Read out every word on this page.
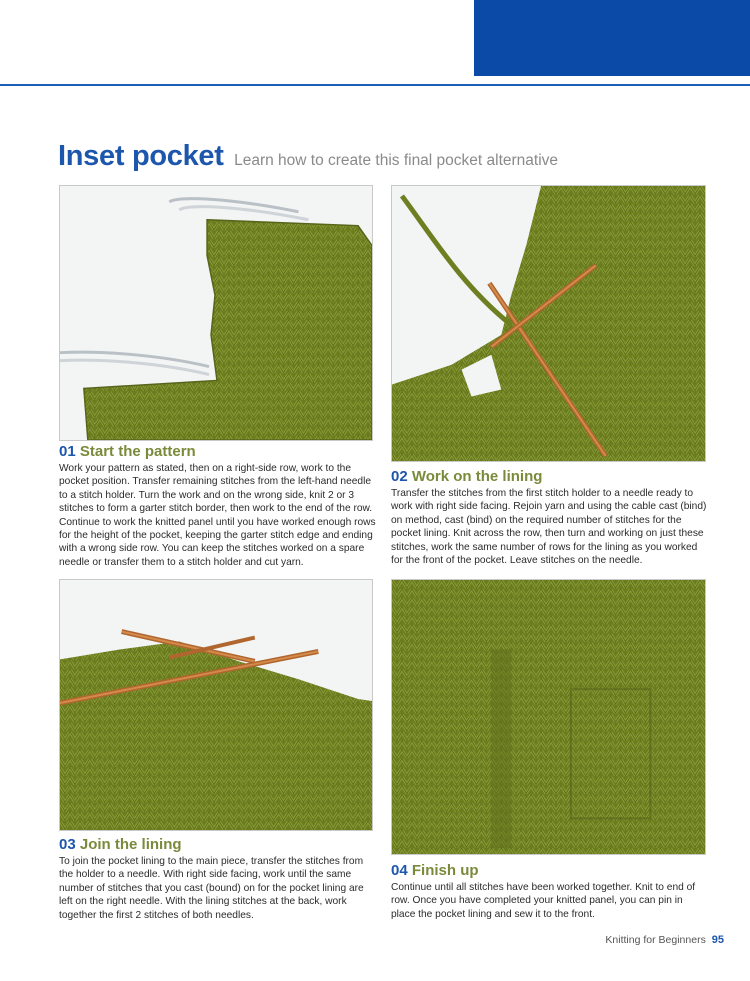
Inset pocket Learn how to create this final pocket alternative
01 Start the pattern

Work your pattern as stated, then on a right-side row, work to the pocket position. Transfer remaining stitches from the left-hand needle to a stitch holder. Turn the work and on the wrong side, knit 2 or 3 stitches to form a garter stitch border, then work to the end of the row. Continue to work the knitted panel until you have worked enough rows for the height of the pocket, keeping the garter stitch edge and ending with a wrong side row. You can keep the stitches worked on a spare needle or transfer them to a stitch holder and cut yarn.

02 Work on the lining

Transfer the stitches from the first stitch holder to a needle ready to work with right side facing. Rejoin yarn and using the cable cast (bind) on method, cast (bind) on the required number of stitches for the pocket lining. Knit across the row, then turn and working on just these stitches, work the same number of rows for the lining as you worked for the front of the pocket. Leave stitches on the needle.

03 Join the lining

To join the pocket lining to the main piece, transfer the stitches from the holder to a needle. With right side facing, work until the same number of stitches that you cast (bound) on for the pocket lining are left on the right needle. With the lining stitches at the back, work together the first 2 stitches of both needles.

04 Finish up

Continue until all stitches have been worked together. Knit to end of row. Once you have completed your knitted panel, you can pin in place the pocket lining and sew it to the front.

Knitting for Beginners 95
